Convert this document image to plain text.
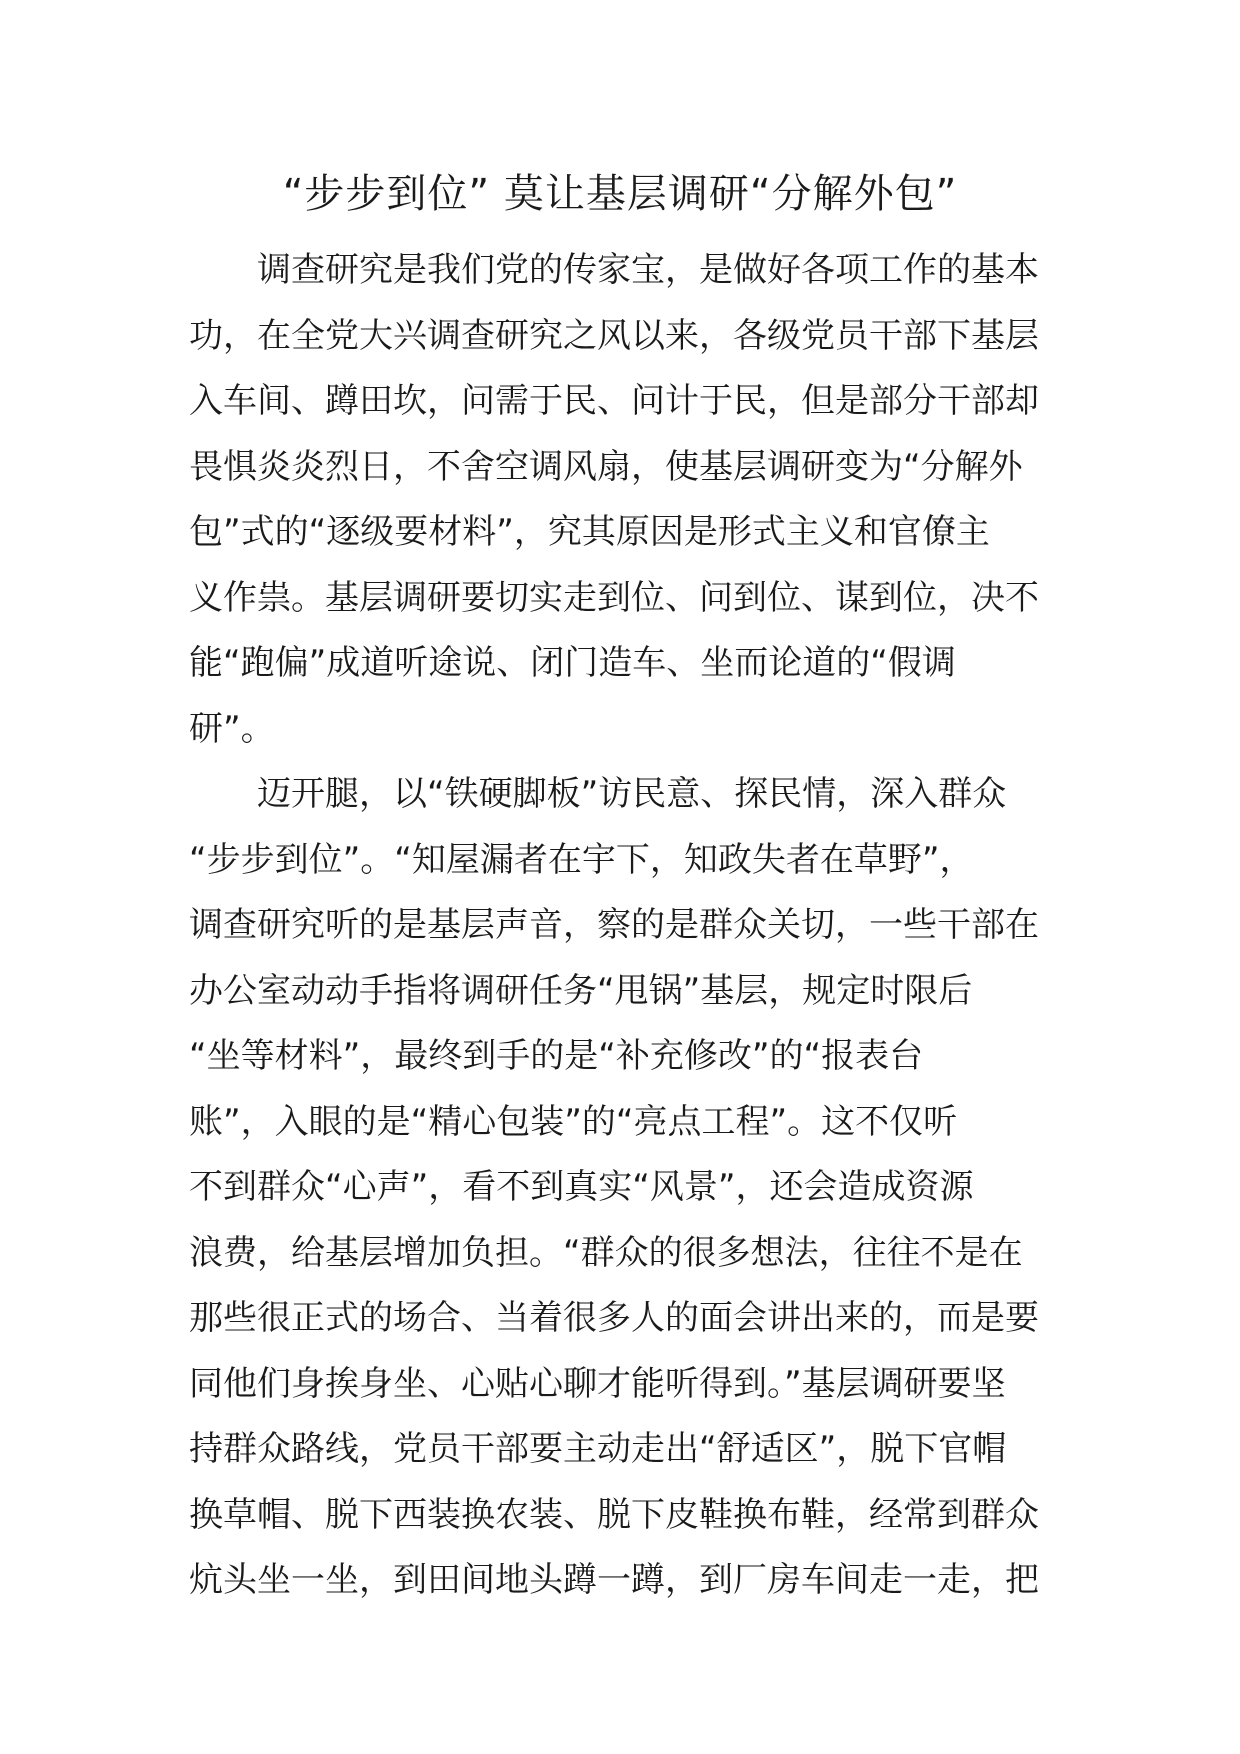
“步步到位” 莫让基层调研“分解外包”
调查研究是我们党的传家宝，是做好各项工作的基本
功，在全党大兴调查研究之风以来，各级党员干部下基层
入车间、蹲田坎，问需于民、问计于民，但是部分干部却
畏惧炎炎烈日，不舍空调风扇，使基层调研变为“分解外
包”式的“逐级要材料”，究其原因是形式主义和官僚主
义作祟。基层调研要切实走到位、问到位、谋到位，决不
能“跑偏”成道听途说、闭门造车、坐而论道的“假调
研”。
迈开腿，以“铁硬脚板”访民意、探民情，深入群众
“步步到位”。“知屋漏者在宇下，知政失者在草野”，
调查研究听的是基层声音，察的是群众关切，一些干部在
办公室动动手指将调研任务“甩锅”基层，规定时限后
“坐等材料”，最终到手的是“补充修改”的“报表台
账”，入眼的是“精心包装”的“亮点工程”。这不仅听
不到群众“心声”，看不到真实“风景”，还会造成资源
浪费，给基层增加负担。“群众的很多想法，往往不是在
那些很正式的场合、当着很多人的面会讲出来的，而是要
同他们身挨身坐、心贴心聊才能听得到。”基层调研要坚
持群众路线，党员干部要主动走出“舒适区”，脱下官帽
换草帽、脱下西装换农装、脱下皮鞋换布鞋，经常到群众
炕头坐一坐，到田间地头蹲一蹲，到厂房车间走一走，把
